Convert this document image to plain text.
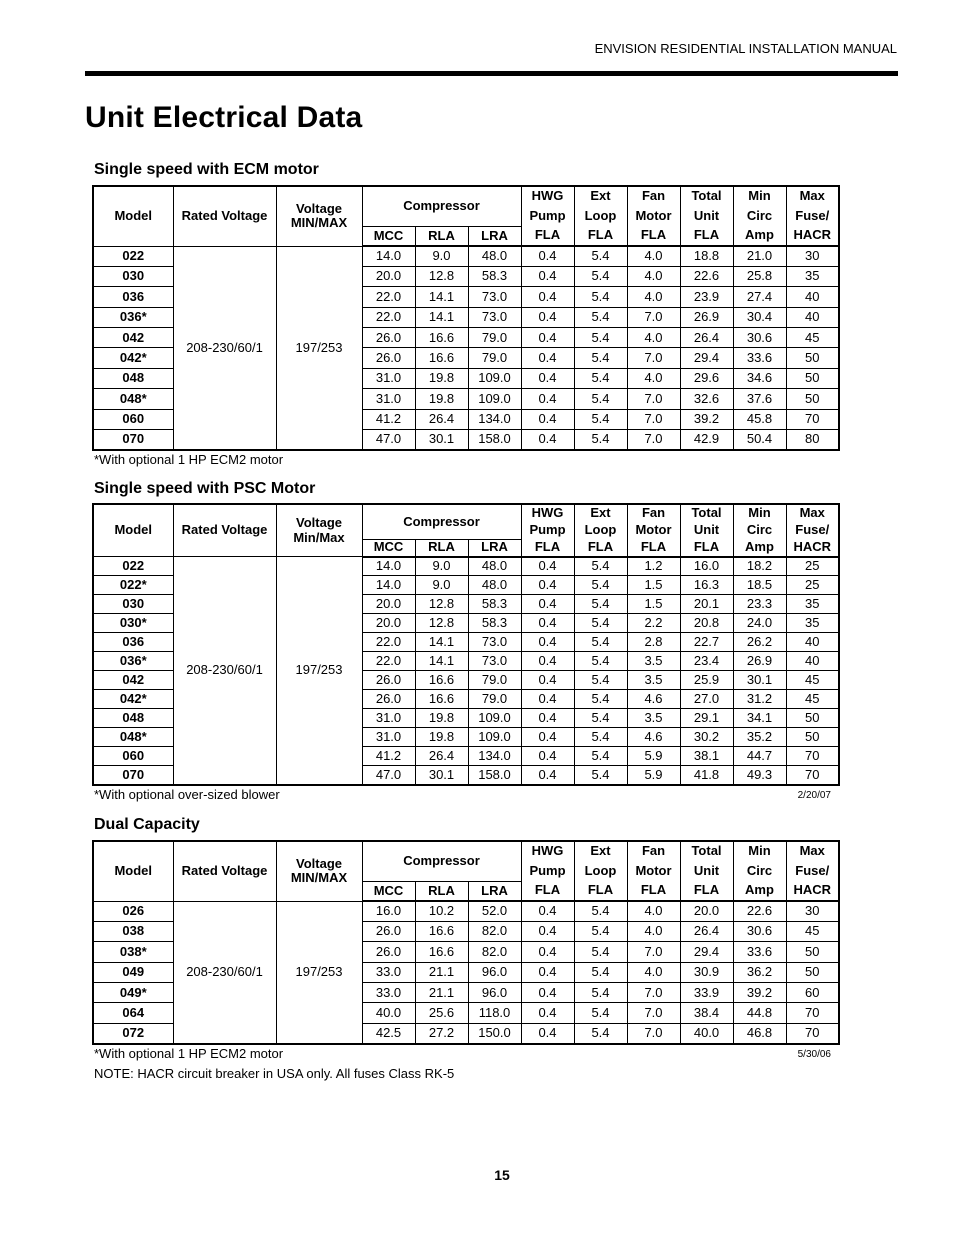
ENVISION RESIDENTIAL INSTALLATION MANUAL
Unit Electrical Data
Single speed with ECM motor
Model	Rated Voltage	Voltage MIN/MAX	Compressor			HWG	Ext	Fan	Total	Min	Max
						Pump	Loop	Motor	Unit	Circ	Fuse/
			MCC	RLA	LRA	FLA	FLA	FLA	FLA	Amp	HACR
022	208-230/60/1	197/253	14.0	9.0	48.0	0.4	5.4	4.0	18.8	21.0	30
030			20.0	12.8	58.3	0.4	5.4	4.0	22.6	25.8	35
036			22.0	14.1	73.0	0.4	5.4	4.0	23.9	27.4	40
036*			22.0	14.1	73.0	0.4	5.4	7.0	26.9	30.4	40
042			26.0	16.6	79.0	0.4	5.4	4.0	26.4	30.6	45
042*			26.0	16.6	79.0	0.4	5.4	7.0	29.4	33.6	50
048			31.0	19.8	109.0	0.4	5.4	4.0	29.6	34.6	50
048*			31.0	19.8	109.0	0.4	5.4	7.0	32.6	37.6	50
060			41.2	26.4	134.0	0.4	5.4	7.0	39.2	45.8	70
070			47.0	30.1	158.0	0.4	5.4	7.0	42.9	50.4	80
*With optional 1 HP ECM2 motor
Single speed with PSC Motor
Model	Rated Voltage	Voltage Min/Max	Compressor			HWG	Ext	Fan	Total	Min	Max
						Pump	Loop	Motor	Unit	Circ	Fuse/
			MCC	RLA	LRA	FLA	FLA	FLA	FLA	Amp	HACR
022	208-230/60/1	197/253	14.0	9.0	48.0	0.4	5.4	1.2	16.0	18.2	25
022*			14.0	9.0	48.0	0.4	5.4	1.5	16.3	18.5	25
030			20.0	12.8	58.3	0.4	5.4	1.5	20.1	23.3	35
030*			20.0	12.8	58.3	0.4	5.4	2.2	20.8	24.0	35
036			22.0	14.1	73.0	0.4	5.4	2.8	22.7	26.2	40
036*			22.0	14.1	73.0	0.4	5.4	3.5	23.4	26.9	40
042			26.0	16.6	79.0	0.4	5.4	3.5	25.9	30.1	45
042*			26.0	16.6	79.0	0.4	5.4	4.6	27.0	31.2	45
048			31.0	19.8	109.0	0.4	5.4	3.5	29.1	34.1	50
048*			31.0	19.8	109.0	0.4	5.4	4.6	30.2	35.2	50
060			41.2	26.4	134.0	0.4	5.4	5.9	38.1	44.7	70
070			47.0	30.1	158.0	0.4	5.4	5.9	41.8	49.3	70
*With optional over-sized blower	2/20/07
Dual Capacity
Model	Rated Voltage	Voltage MIN/MAX	Compressor			HWG	Ext	Fan	Total	Min	Max
						Pump	Loop	Motor	Unit	Circ	Fuse/
			MCC	RLA	LRA	FLA	FLA	FLA	FLA	Amp	HACR
026	208-230/60/1	197/253	16.0	10.2	52.0	0.4	5.4	4.0	20.0	22.6	30
038			26.0	16.6	82.0	0.4	5.4	4.0	26.4	30.6	45
038*			26.0	16.6	82.0	0.4	5.4	7.0	29.4	33.6	50
049			33.0	21.1	96.0	0.4	5.4	4.0	30.9	36.2	50
049*			33.0	21.1	96.0	0.4	5.4	7.0	33.9	39.2	60
064			40.0	25.6	118.0	0.4	5.4	7.0	38.4	44.8	70
072			42.5	27.2	150.0	0.4	5.4	7.0	40.0	46.8	70
*With optional 1 HP ECM2 motor	5/30/06
NOTE: HACR circuit breaker in USA only. All fuses Class RK-5
15
